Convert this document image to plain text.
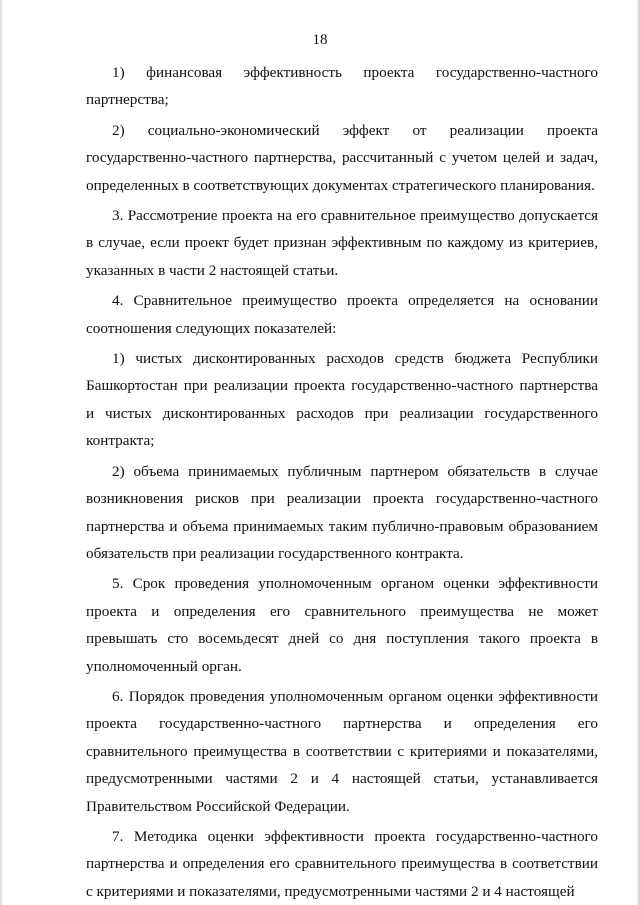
18

1) финансовая эффективность проекта государственно-частного партнерства;

2) социально-экономический эффект от реализации проекта государственно-частного партнерства, рассчитанный с учетом целей и задач, определенных в соответствующих документах стратегического планирования.

3. Рассмотрение проекта на его сравнительное преимущество допускается в случае, если проект будет признан эффективным по каждому из критериев, указанных в части 2 настоящей статьи.

4. Сравнительное преимущество проекта определяется на основании соотношения следующих показателей:

1) чистых дисконтированных расходов средств бюджета Республики Башкортостан при реализации проекта государственно-частного партнерства и чистых дисконтированных расходов при реализации государственного контракта;

2) объема принимаемых публичным партнером обязательств в случае возникновения рисков при реализации проекта государственно-частного партнерства и объема принимаемых таким публично-правовым образованием обязательств при реализации государственного контракта.

5. Срок проведения уполномоченным органом оценки эффективности проекта и определения его сравнительного преимущества не может превышать сто восемьдесят дней со дня поступления такого проекта в уполномоченный орган.

6. Порядок проведения уполномоченным органом оценки эффективности проекта государственно-частного партнерства и определения его сравнительного преимущества в соответствии с критериями и показателями, предусмотренными частями 2 и 4 настоящей статьи, устанавливается Правительством Российской Федерации.

7. Методика оценки эффективности проекта государственно-частного партнерства и определения его сравнительного преимущества в соответствии с критериями и показателями, предусмотренными частями 2 и 4 настоящей
